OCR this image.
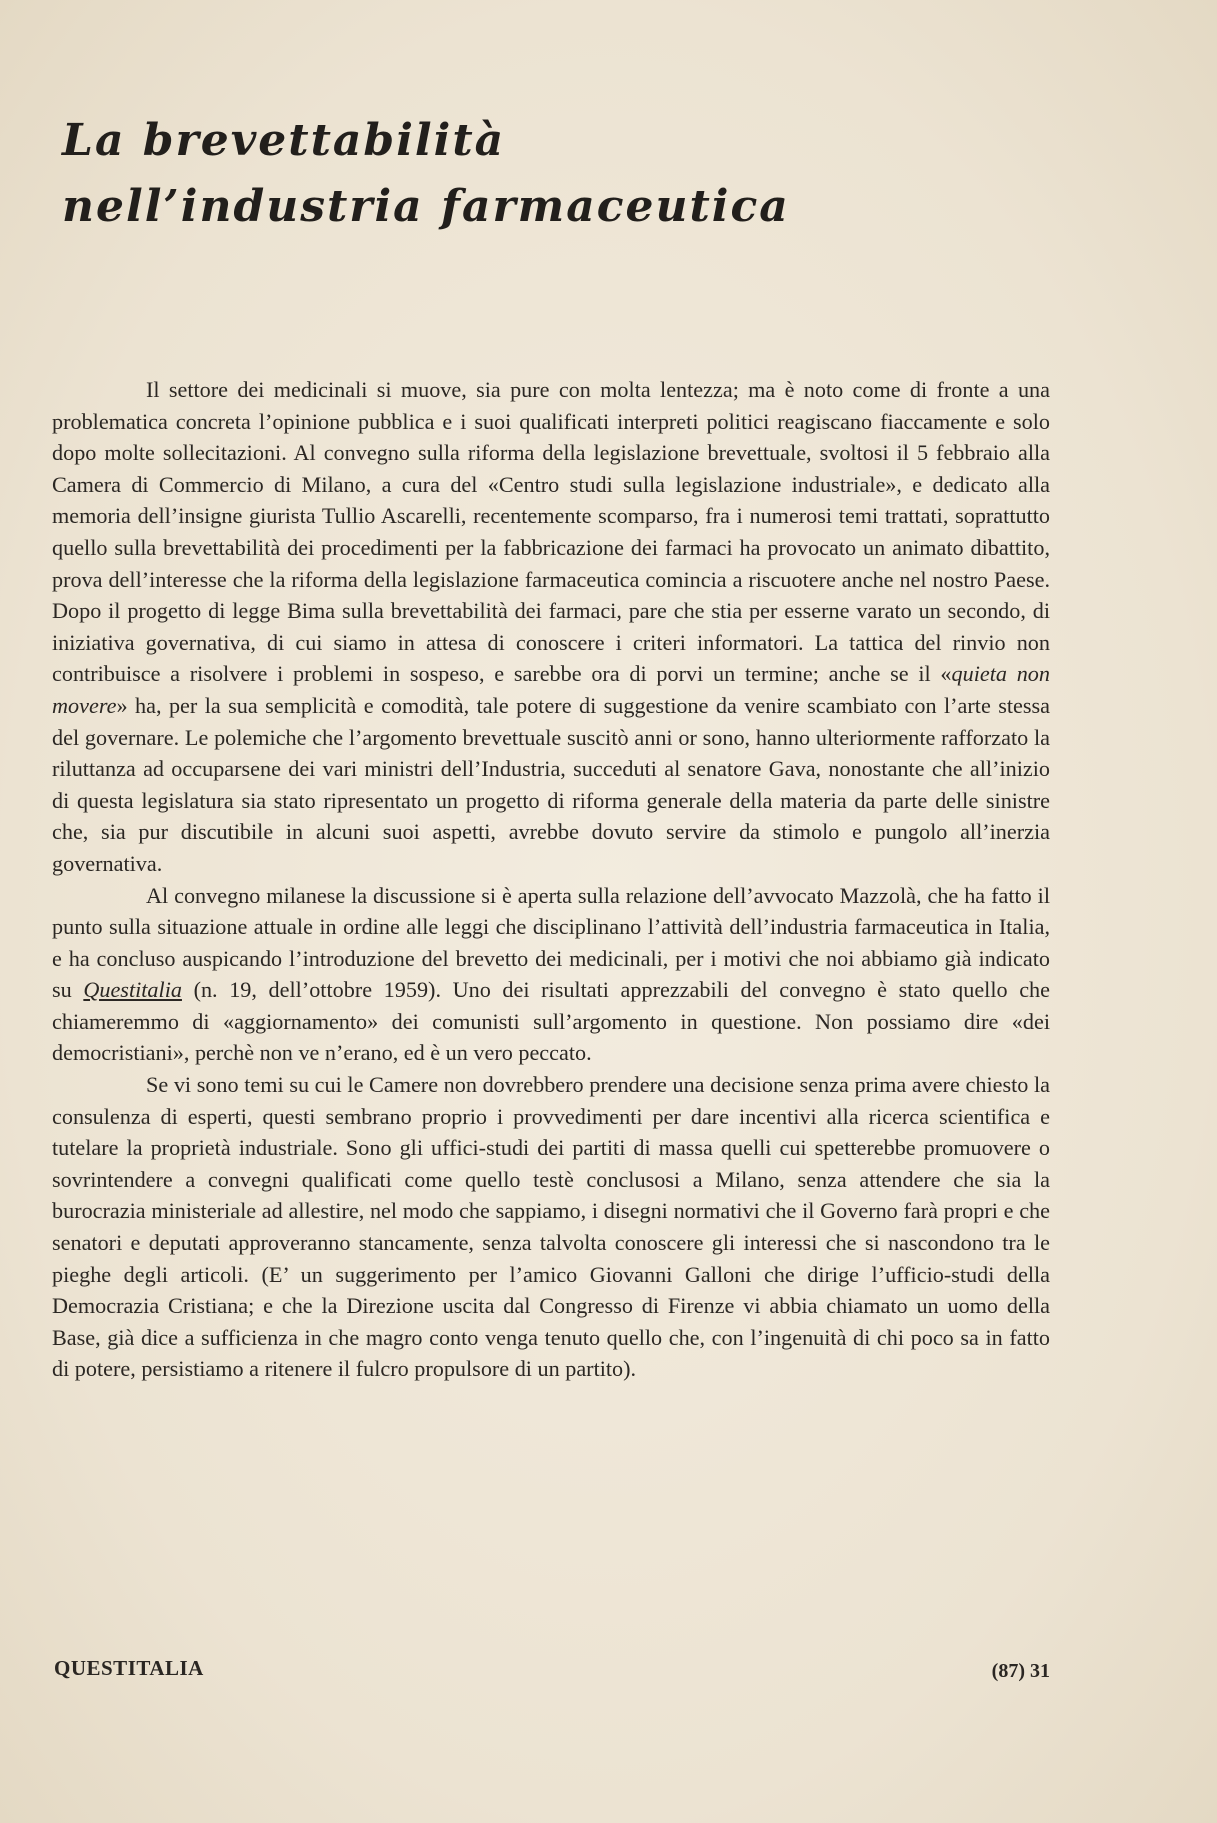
La brevettabilità
nell’industria farmaceutica

Il settore dei medicinali si muove, sia pure con molta lentezza; ma è noto come di fronte a una problematica concreta l’opinione pubblica e i suoi qualificati interpreti politici reagiscano fiaccamente e solo dopo molte sollecitazioni. Al convegno sulla riforma della legislazione brevettuale, svoltosi il 5 febbraio alla Camera di Commercio di Milano, a cura del «Centro studi sulla legislazione industriale», e dedicato alla memoria dell’insigne giurista Tullio Ascarelli, recentemente scomparso, fra i numerosi temi trattati, soprattutto quello sulla brevettabilità dei procedimenti per la fabbricazione dei farmaci ha provocato un animato dibattito, prova dell’interesse che la riforma della legislazione farmaceutica comincia a riscuotere anche nel nostro Paese. Dopo il progetto di legge Bima sulla brevettabilità dei farmaci, pare che stia per esserne varato un secondo, di iniziativa governativa, di cui siamo in attesa di conoscere i criteri informatori. La tattica del rinvio non contribuisce a risolvere i problemi in sospeso, e sarebbe ora di porvi un termine; anche se il «quieta non movere» ha, per la sua semplicità e comodità, tale potere di suggestione da venire scambiato con l’arte stessa del governare. Le polemiche che l’argomento brevettuale suscitò anni or sono, hanno ulteriormente rafforzato la riluttanza ad occuparsene dei vari ministri dell’Industria, succeduti al senatore Gava, nonostante che all’inizio di questa legislatura sia stato ripresentato un progetto di riforma generale della materia da parte delle sinistre che, sia pur discutibile in alcuni suoi aspetti, avrebbe dovuto servire da stimolo e pungolo all’inerzia governativa.

Al convegno milanese la discussione si è aperta sulla relazione dell’avvocato Mazzolà, che ha fatto il punto sulla situazione attuale in ordine alle leggi che disciplinano l’attività dell’industria farmaceutica in Italia, e ha concluso auspicando l’introduzione del brevetto dei medicinali, per i motivi che noi abbiamo già indicato su Questitalia (n. 19, dell’ottobre 1959). Uno dei risultati apprezzabili del convegno è stato quello che chiameremmo di «aggiornamento» dei comunisti sull’argomento in questione. Non possiamo dire «dei democristiani», perchè non ve n’erano, ed è un vero peccato.

Se vi sono temi su cui le Camere non dovrebbero prendere una decisione senza prima avere chiesto la consulenza di esperti, questi sembrano proprio i provvedimenti per dare incentivi alla ricerca scientifica e tutelare la proprietà industriale. Sono gli uffici-studi dei partiti di massa quelli cui spetterebbe promuovere o sovrintendere a convegni qualificati come quello testè conclusosi a Milano, senza attendere che sia la burocrazia ministeriale ad allestire, nel modo che sappiamo, i disegni normativi che il Governo farà propri e che senatori e deputati approveranno stancamente, senza talvolta conoscere gli interessi che si nascondono tra le pieghe degli articoli. (E’ un suggerimento per l’amico Giovanni Galloni che dirige l’ufficio-studi della Democrazia Cristiana; e che la Direzione uscita dal Congresso di Firenze vi abbia chiamato un uomo della Base, già dice a sufficienza in che magro conto venga tenuto quello che, con l’ingenuità di chi poco sa in fatto di potere, persistiamo a ritenere il fulcro propulsore di un partito).

QUESTITALIA	(87) 31
